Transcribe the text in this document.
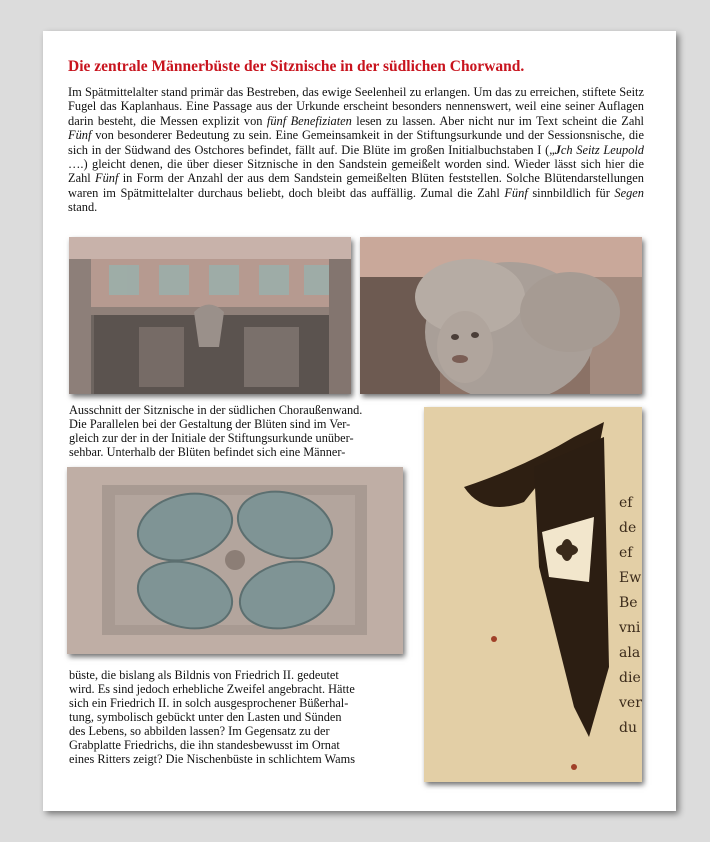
Die zentrale Männerbüste der Sitznische in der südlichen Chorwand.

Im Spätmittelalter stand primär das Bestreben, das ewige Seelenheil zu erlangen. Um das zu erreichen, stiftete Seitz Fugel das Kaplanhaus. Eine Passage aus der Urkunde erscheint besonders nennenswert, weil eine seiner Auflagen darin besteht, die Messen explizit von fünf Benefiziaten lesen zu lassen. Aber nicht nur im Text scheint die Zahl Fünf von besonderer Bedeutung zu sein. Eine Gemeinsamkeit in der Stiftungsurkunde und der Sessionsnische, die sich in der Südwand des Ostchores befindet, fällt auf. Die Blüte im großen Initialbuchstaben I („Jch Seitz Leupold ….) gleicht denen, die über dieser Sitznische in den Sandstein gemeißelt worden sind. Wieder lässt sich hier die Zahl Fünf in Form der Anzahl der aus dem Sandstein gemeißelten Blüten feststellen. Solche Blütendarstellungen waren im Spätmittelalter durchaus beliebt, doch bleibt das auffällig. Zumal die Zahl Fünf sinnbildlich für Segen stand.

Ausschnitt der Sitznische in der südlichen Choraußenwand.
Die Parallelen bei der Gestaltung der Blüten sind im Ver-
gleich zur der in der Initiale der Stiftungsurkunde unüber-
sehbar. Unterhalb der Blüten befindet sich eine Männer-
ef
de
ef
Ew
Be
vni
ala
die
ver
du
büste, die bislang als Bildnis von Friedrich II. gedeutet
wird. Es sind jedoch erhebliche Zweifel angebracht. Hätte
sich ein Friedrich II. in solch ausgesprochener Büßerhal-
tung, symbolisch gebückt unter den Lasten und Sünden
des Lebens, so abbilden lassen? Im Gegensatz zu der
Grabplatte Friedrichs, die ihn standesbewusst im Ornat
eines Ritters zeigt? Die Nischenbüste in schlichtem Wams
